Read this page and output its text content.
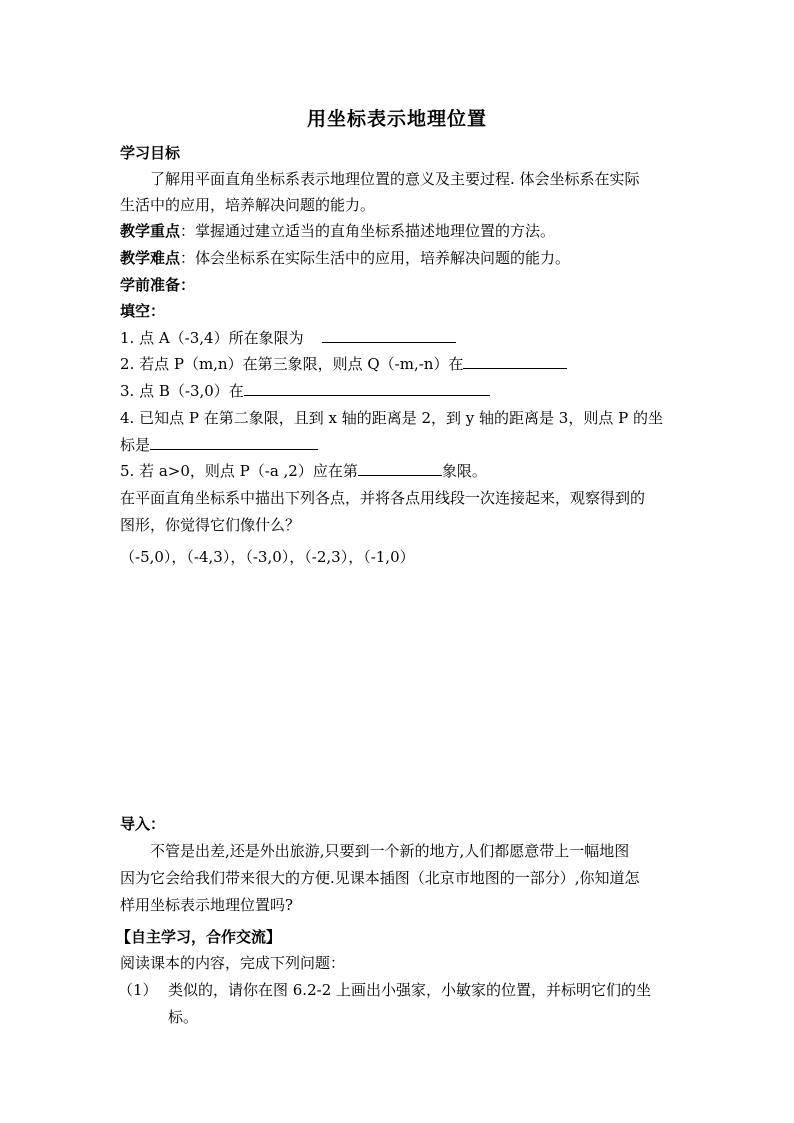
用坐标表示地理位置
学习目标
了解用平面直角坐标系表示地理位置的意义及主要过程. 体会坐标系在实际
生活中的应用，培养解决问题的能力。
教学重点：掌握通过建立适当的直角坐标系描述地理位置的方法。
教学难点：体会坐标系在实际生活中的应用，培养解决问题的能力。
学前准备：
填空：
1. 点 A（-3,4）所在象限为
2. 若点 P（m,n）在第三象限，则点 Q（-m,-n）在
3. 点 B（-3,0）在
4. 已知点 P 在第二象限，且到 x 轴的距离是 2，到 y 轴的距离是 3，则点 P 的坐
标是
5. 若 a>0，则点 P（-a ,2）应在第	象限。
在平面直角坐标系中描出下列各点，并将各点用线段一次连接起来，观察得到的
图形，你觉得它们像什么？
（-5,0），（-4,3），（-3,0），（-2,3），（-1,0）
导入：
不管是出差,还是外出旅游,只要到一个新的地方,人们都愿意带上一幅地图
因为它会给我们带来很大的方便.见课本插图（北京市地图的一部分）,你知道怎
样用坐标表示地理位置吗?
【自主学习，合作交流】
阅读课本的内容，完成下列问题：
（1） 类似的，请你在图 6.2-2 上画出小强家，小敏家的位置，并标明它们的坐
标。
